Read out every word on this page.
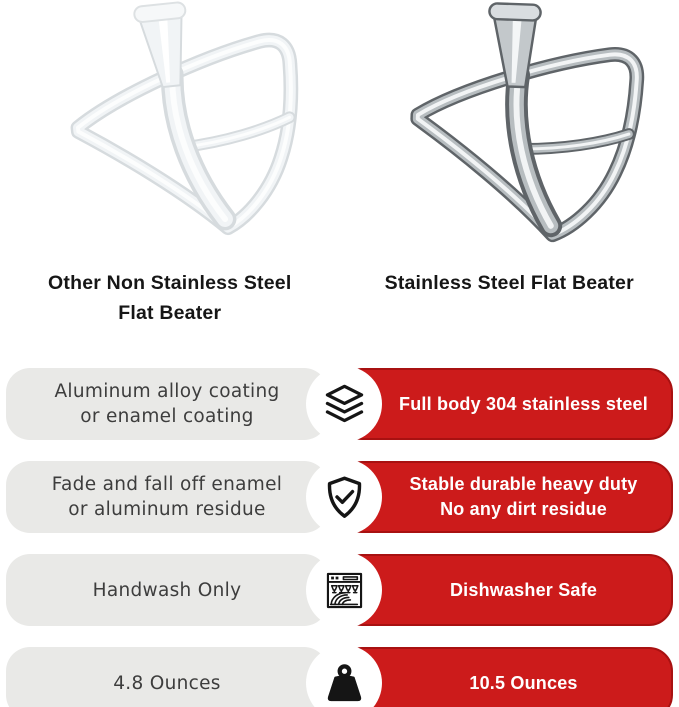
Other Non Stainless Steel
Flat Beater
Stainless Steel Flat Beater
Aluminum alloy coating
or enamel coating
Full body 304 stainless steel
Fade and fall off enamel
or aluminum residue
Stable durable heavy duty
No any dirt residue
Handwash Only	Dishwasher Safe
4.8 Ounces	10.5 Ounces
